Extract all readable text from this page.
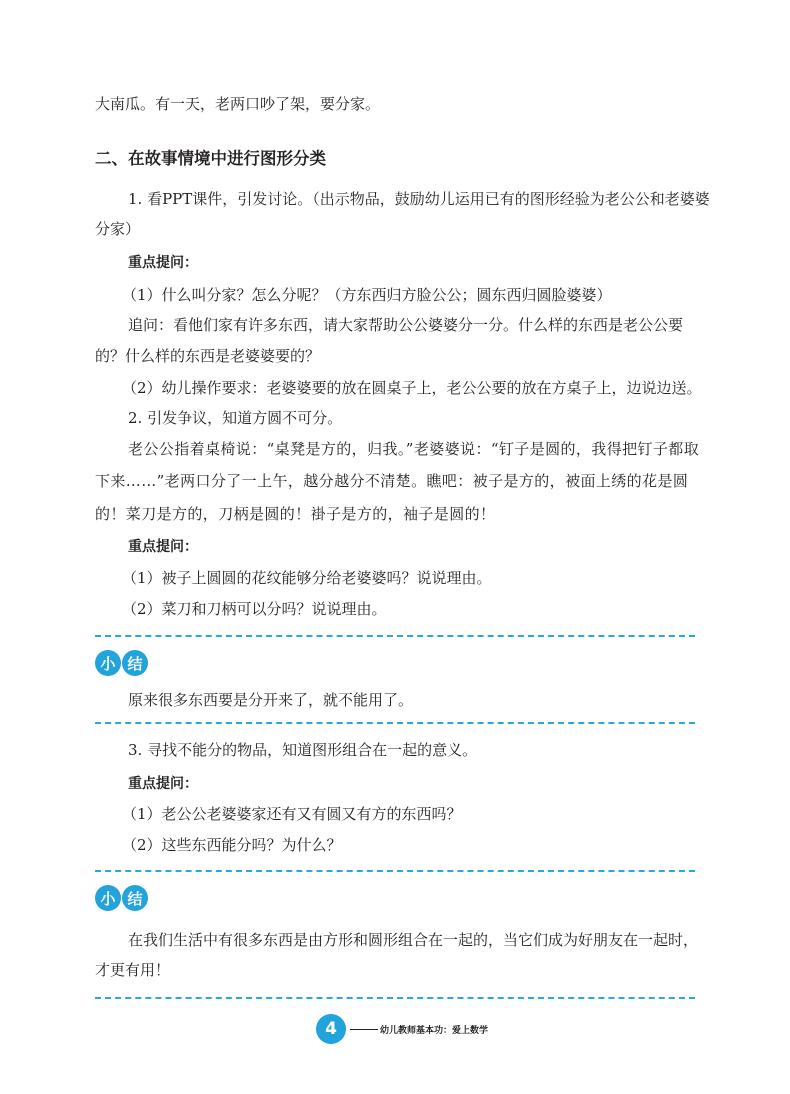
大南瓜。有一天，老两口吵了架，要分家。
二、在故事情境中进行图形分类
1. 看PPT课件，引发讨论。（出示物品，鼓励幼儿运用已有的图形经验为老公公和老婆婆
分家）
重点提问：
（1）什么叫分家？怎么分呢？（方东西归方脸公公；圆东西归圆脸婆婆）
追问：看他们家有许多东西，请大家帮助公公婆婆分一分。什么样的东西是老公公要
的？什么样的东西是老婆婆要的？
（2）幼儿操作要求：老婆婆要的放在圆桌子上，老公公要的放在方桌子上，边说边送。
2. 引发争议，知道方圆不可分。
老公公指着桌椅说：“桌凳是方的，归我。”老婆婆说：“钉子是圆的，我得把钉子都取
下来……”老两口分了一上午，越分越分不清楚。瞧吧：被子是方的，被面上绣的花是圆
的！菜刀是方的，刀柄是圆的！褂子是方的，袖子是圆的！
重点提问：
（1）被子上圆圆的花纹能够分给老婆婆吗？说说理由。
（2）菜刀和刀柄可以分吗？说说理由。
小 结
原来很多东西要是分开来了，就不能用了。
3. 寻找不能分的物品，知道图形组合在一起的意义。
重点提问：
（1）老公公老婆婆家还有又有圆又有方的东西吗？
（2）这些东西能分吗？为什么？
小 结
在我们生活中有很多东西是由方形和圆形组合在一起的，当它们成为好朋友在一起时，
才更有用！
4	幼儿教师基本功：爱上数学
